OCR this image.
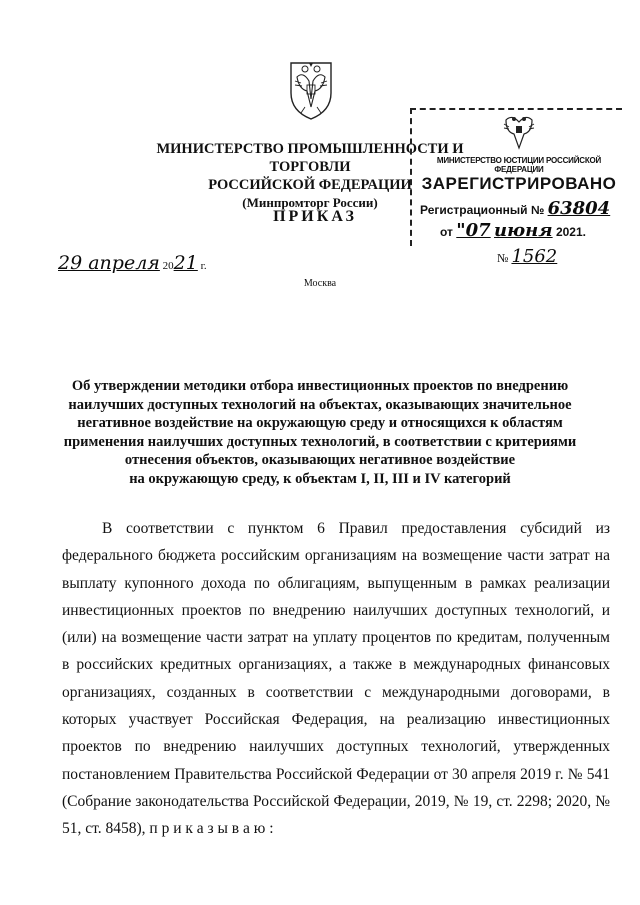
МИНИСТЕРСТВО ПРОМЫШЛЕННОСТИ И ТОРГОВЛИ
РОССИЙСКОЙ ФЕДЕРАЦИИ
(Минпромторг России)
ПРИКАЗ
МИНИСТЕРСТВО ЮСТИЦИИ РОССИЙСКОЙ ФЕДЕРАЦИИ
ЗАРЕГИСТРИРОВАНО
Регистрационный № 63804
от "07 июня 2021.
29 апреля 2021 г.
№ 1562
Москва
Об утверждении методики отбора инвестиционных проектов по внедрению
наилучших доступных технологий на объектах, оказывающих значительное
негативное воздействие на окружающую среду и относящихся к областям
применения наилучших доступных технологий, в соответствии с критериями
отнесения объектов, оказывающих негативное воздействие
на окружающую среду, к объектам I, II, III и IV категорий

В соответствии с пунктом 6 Правил предоставления субсидий из федерального бюджета российским организациям на возмещение части затрат на выплату купонного дохода по облигациям, выпущенным в рамках реализации инвестиционных проектов по внедрению наилучших доступных технологий, и (или) на возмещение части затрат на уплату процентов по кредитам, полученным в российских кредитных организациях, а также в международных финансовых организациях, созданных в соответствии с международными договорами, в которых участвует Российская Федерация, на реализацию инвестиционных проектов по внедрению наилучших доступных технологий, утвержденных постановлением Правительства Российской Федерации от 30 апреля 2019 г. № 541 (Собрание законодательства Российской Федерации, 2019, № 19, ст. 2298; 2020, № 51, ст. 8458), п р и к а з ы в а ю :
